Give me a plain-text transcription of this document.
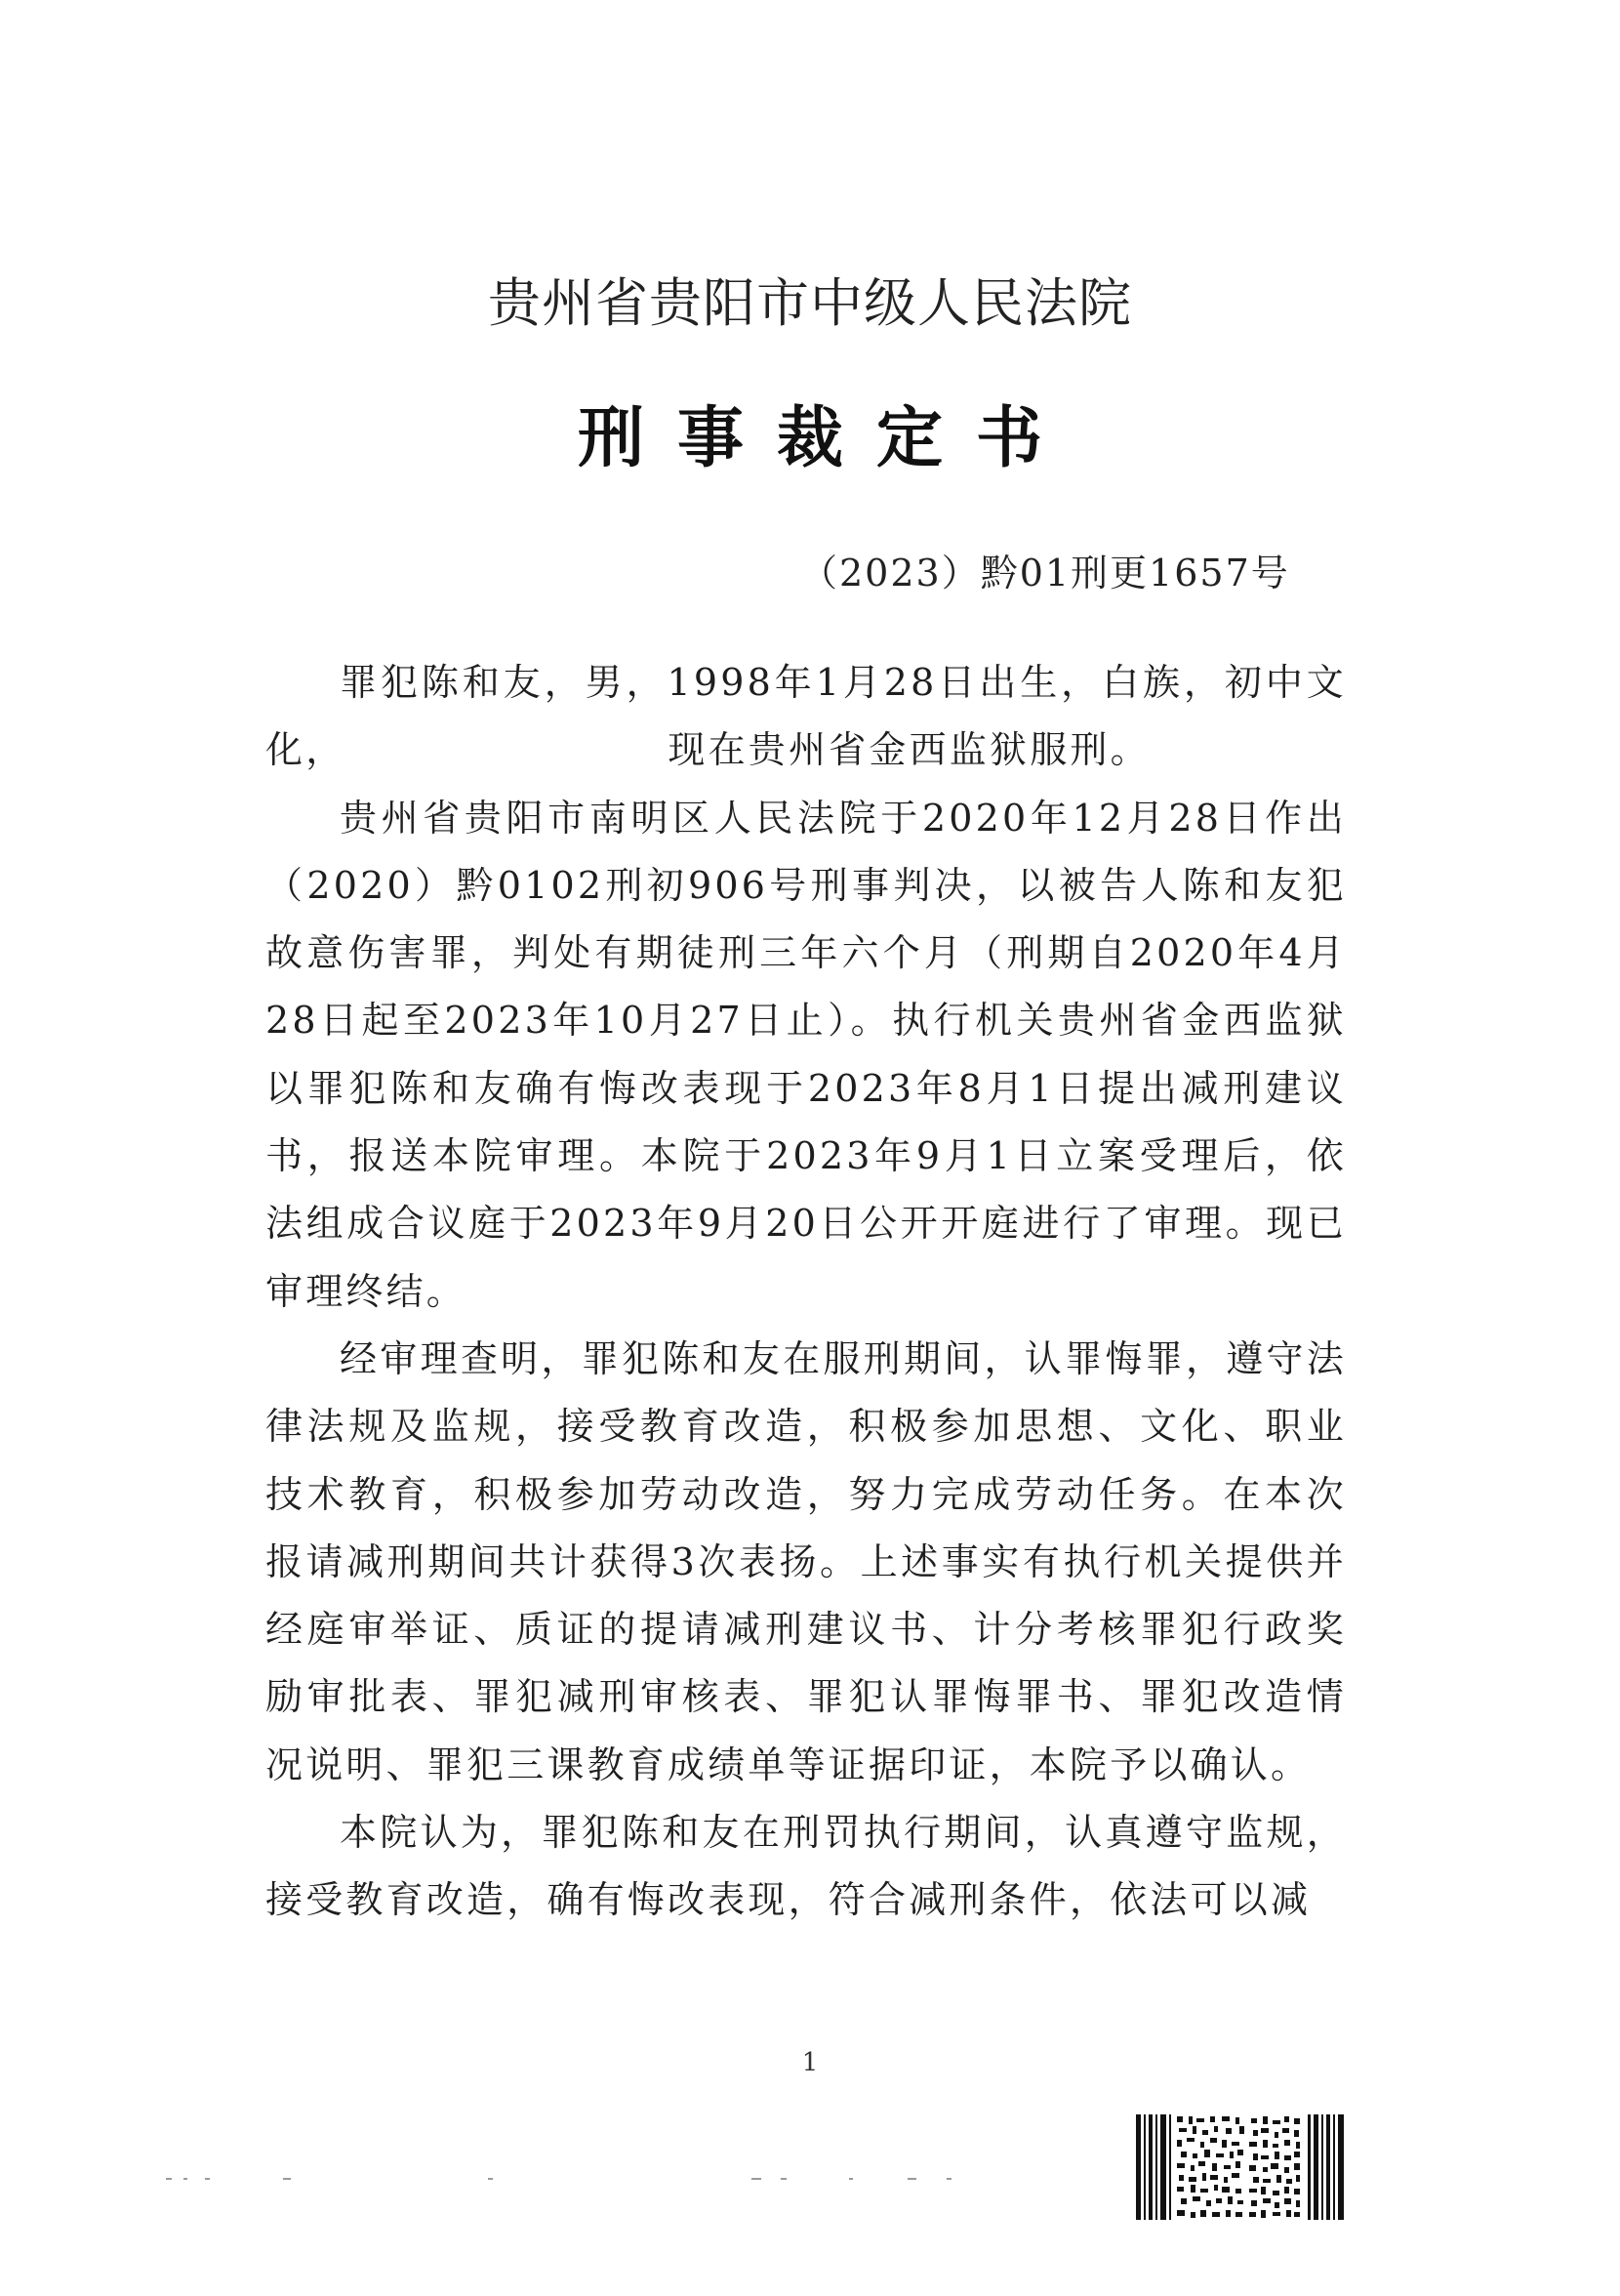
贵州省贵阳市中级人民法院
刑事裁定书
（2023）黔01刑更1657号

罪犯陈和友，男，1998年1月28日出生，白族，初中文化，	现在贵州省金西监狱服刑。

贵州省贵阳市南明区人民法院于2020年12月28日作出（2020）黔0102刑初906号刑事判决，以被告人陈和友犯故意伤害罪，判处有期徒刑三年六个月（刑期自2020年4月28日起至2023年10月27日止）。执行机关贵州省金西监狱以罪犯陈和友确有悔改表现于2023年8月1日提出减刑建议书，报送本院审理。本院于2023年9月1日立案受理后，依法组成合议庭于2023年9月20日公开开庭进行了审理。现已审理终结。

经审理查明，罪犯陈和友在服刑期间，认罪悔罪，遵守法律法规及监规，接受教育改造，积极参加思想、文化、职业技术教育，积极参加劳动改造，努力完成劳动任务。在本次报请减刑期间共计获得3次表扬。上述事实有执行机关提供并经庭审举证、质证的提请减刑建议书、计分考核罪犯行政奖励审批表、罪犯减刑审核表、罪犯认罪悔罪书、罪犯改造情况说明、罪犯三课教育成绩单等证据印证，本院予以确认。

本院认为，罪犯陈和友在刑罚执行期间，认真遵守监规，接受教育改造，确有悔改表现，符合减刑条件，依法可以减

1
